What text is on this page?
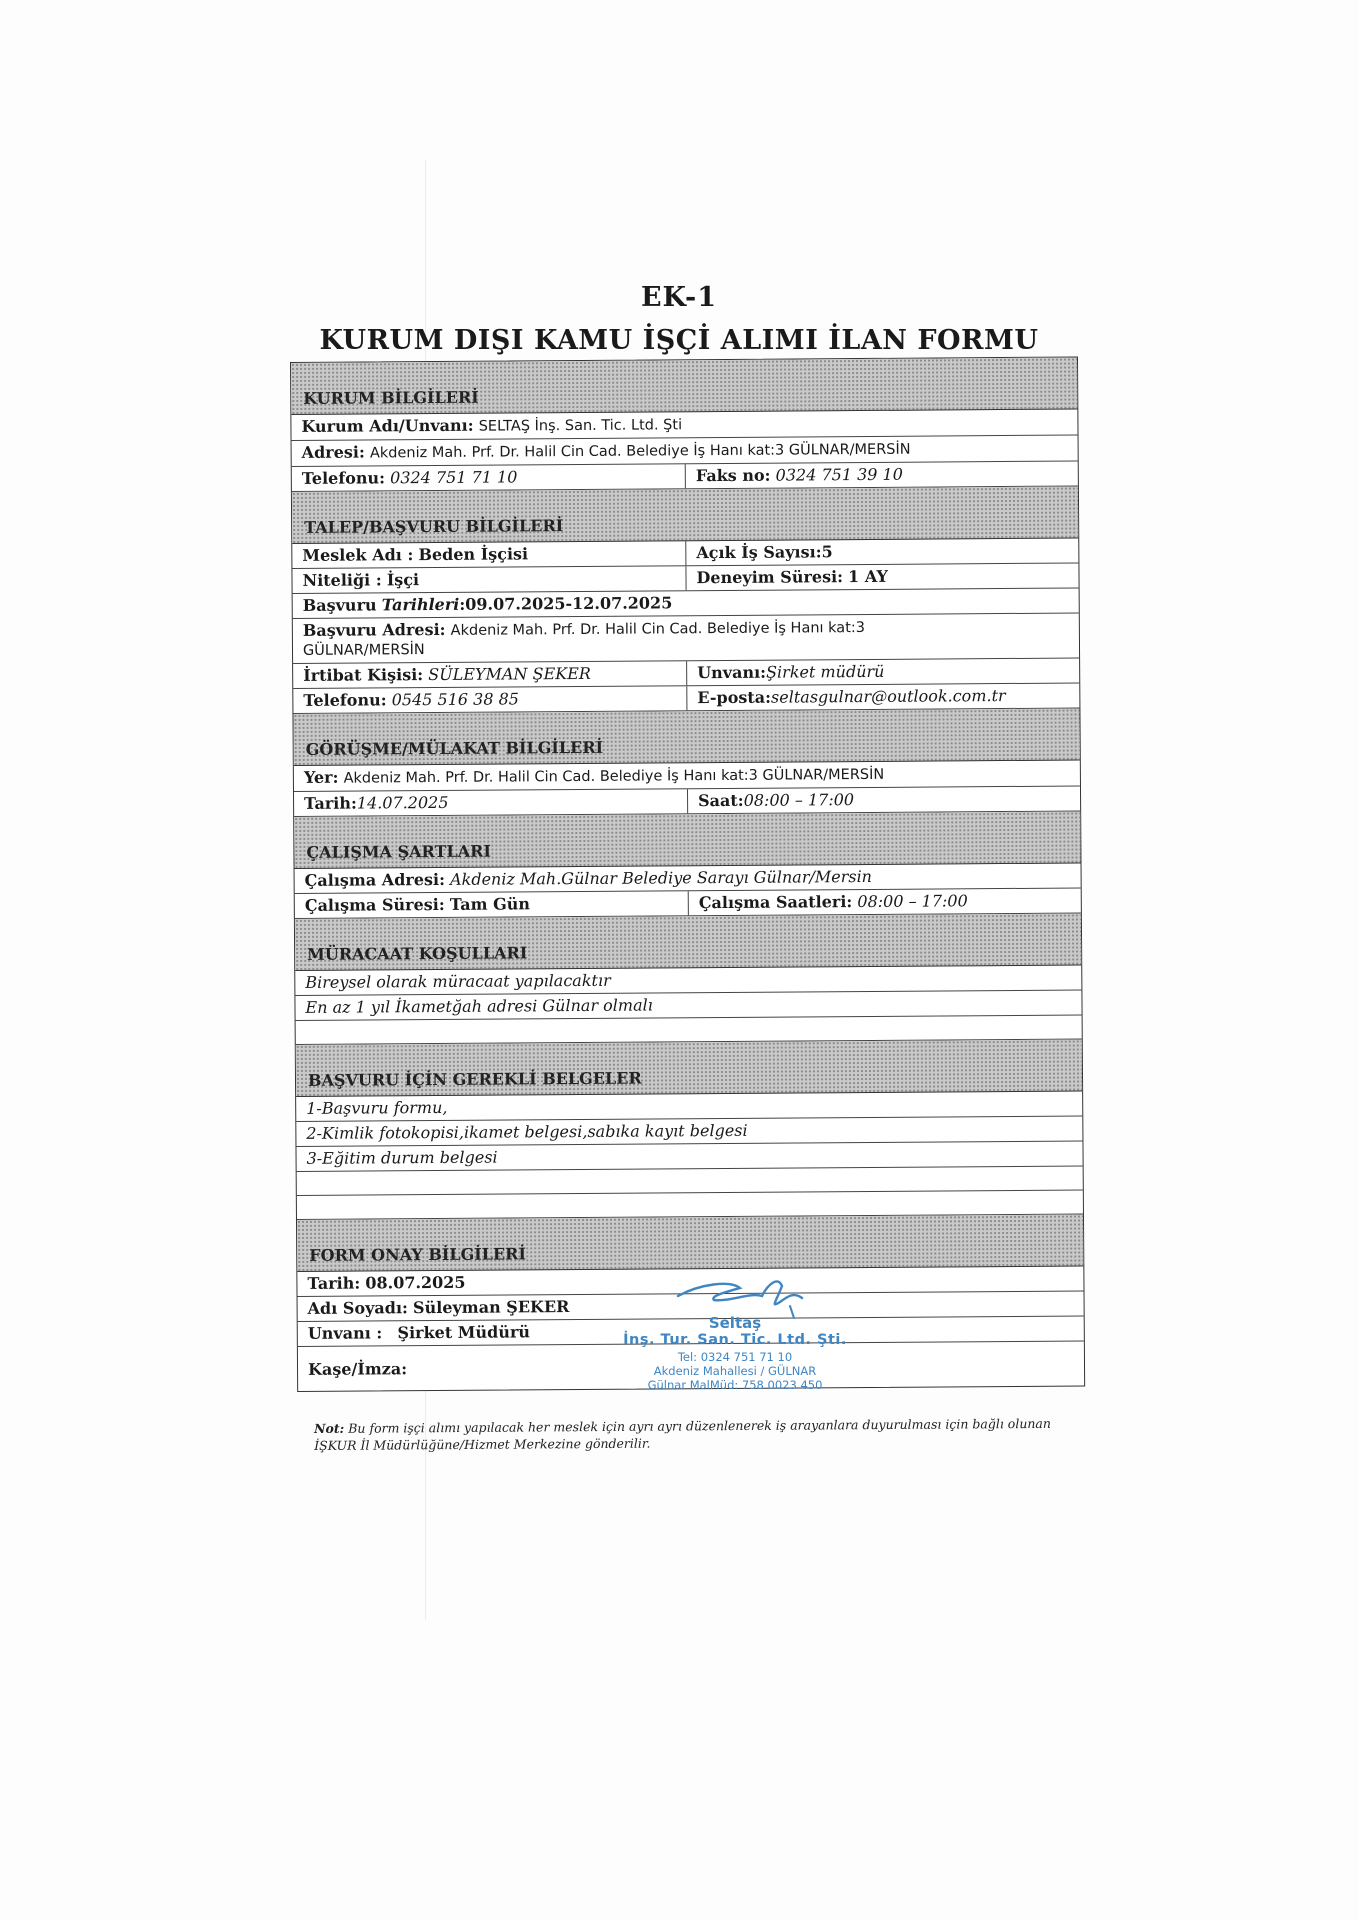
EK-1
KURUM DIŞI KAMU İŞÇİ ALIMI İLAN FORMU
KURUM BİLGİLERİ
Kurum Adı/Unvanı: SELTAŞ İnş. San. Tic. Ltd. Şti
Adresi: Akdeniz Mah. Prf. Dr. Halil Cin Cad. Belediye İş Hanı kat:3 GÜLNAR/MERSİN
Telefonu: 0324 751 71 10	Faks no: 0324 751 39 10
TALEP/BAŞVURU BİLGİLERİ
Meslek Adı : Beden İşçisi	Açık İş Sayısı:5
Niteliği : İşçi	Deneyim Süresi: 1 AY
Başvuru Tarihleri:09.07.2025-12.07.2025
Başvuru Adresi: Akdeniz Mah. Prf. Dr. Halil Cin Cad. Belediye İş Hanı kat:3
GÜLNAR/MERSİN
İrtibat Kişisi: SÜLEYMAN ŞEKER	Unvanı:Şirket müdürü
Telefonu: 0545 516 38 85	E-posta:seltasgulnar@outlook.com.tr
GÖRÜŞME/MÜLAKAT BİLGİLERİ
Yer: Akdeniz Mah. Prf. Dr. Halil Cin Cad. Belediye İş Hanı kat:3 GÜLNAR/MERSİN
Tarih:14.07.2025	Saat:08:00 – 17:00
ÇALIŞMA ŞARTLARI
Çalışma Adresi: Akdeniz Mah.Gülnar Belediye Sarayı Gülnar/Mersin
Çalışma Süresi: Tam Gün	Çalışma Saatleri: 08:00 – 17:00
MÜRACAAT KOŞULLARI
Bireysel olarak müracaat yapılacaktır
En az 1 yıl İkametğah adresi Gülnar olmalı
BAŞVURU İÇİN GEREKLİ BELGELER
1-Başvuru formu,
2-Kimlik fotokopisi,ikamet belgesi,sabıka kayıt belgesi
3-Eğitim durum belgesi
FORM ONAY BİLGİLERİ
Tarih: 08.07.2025
Adı Soyadı: Süleyman ŞEKER
Unvanı : Şirket Müdürü
Kaşe/İmza:
Seltaş
İnş. Tur. San. Tic. Ltd. Şti.
Tel: 0324 751 71 10
Akdeniz Mahallesi / GÜLNAR
Gülnar MalMüd: 758 0023 450
Not: Bu form işçi alımı yapılacak her meslek için ayrı ayrı düzenlenerek iş arayanlara duyurulması için bağlı olunan İŞKUR İl Müdürlüğüne/Hizmet Merkezine gönderilir.
